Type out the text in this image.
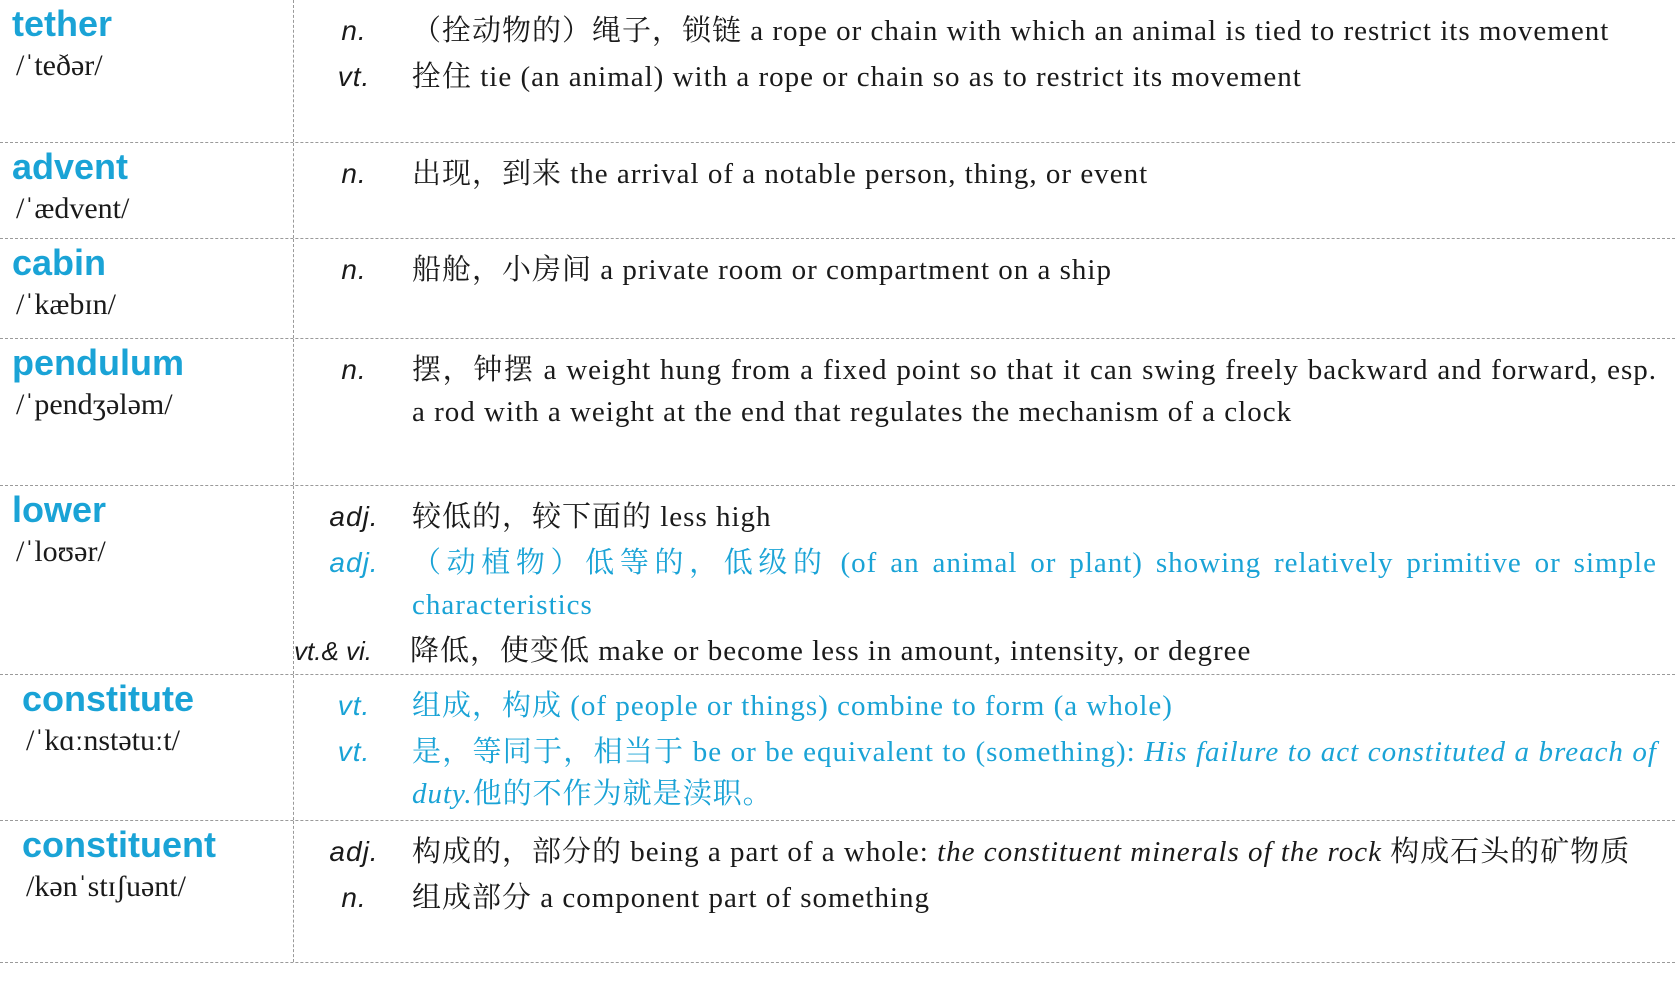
tether
/ˈteðər/
n.	（拴动物的）绳子，锁链 a rope or chain with which an animal is tied to restrict its movement
vt.	拴住 tie (an animal) with a rope or chain so as to restrict its movement
advent
/ˈædvent/
n.	出现，到来 the arrival of a notable person, thing, or event
cabin
/ˈkæbɪn/
n.	船舱，小房间 a private room or compartment on a ship
pendulum
/ˈpendʒələm/
n.	摆，钟摆 a weight hung from a fixed point so that it can swing freely backward and forward, esp. a rod with a weight at the end that regulates the mechanism of a clock
lower
/ˈloʊər/
adj.	较低的，较下面的 less high
adj.	（动植物）低等的，低级的 (of an animal or plant) showing relatively primitive or simple characteristics
vt.& vi.	降低，使变低 make or become less in amount, intensity, or degree
constitute
/ˈkɑːnstətuːt/
vt.	组成，构成 (of people or things) combine to form (a whole)
vt.	是，等同于，相当于 be or be equivalent to (something): His failure to act constituted a breach of duty.他的不作为就是渎职。
constituent
/kənˈstɪʃuənt/
adj.	构成的，部分的 being a part of a whole: the constituent minerals of the rock 构成石头的矿物质
n.	组成部分 a component part of something
